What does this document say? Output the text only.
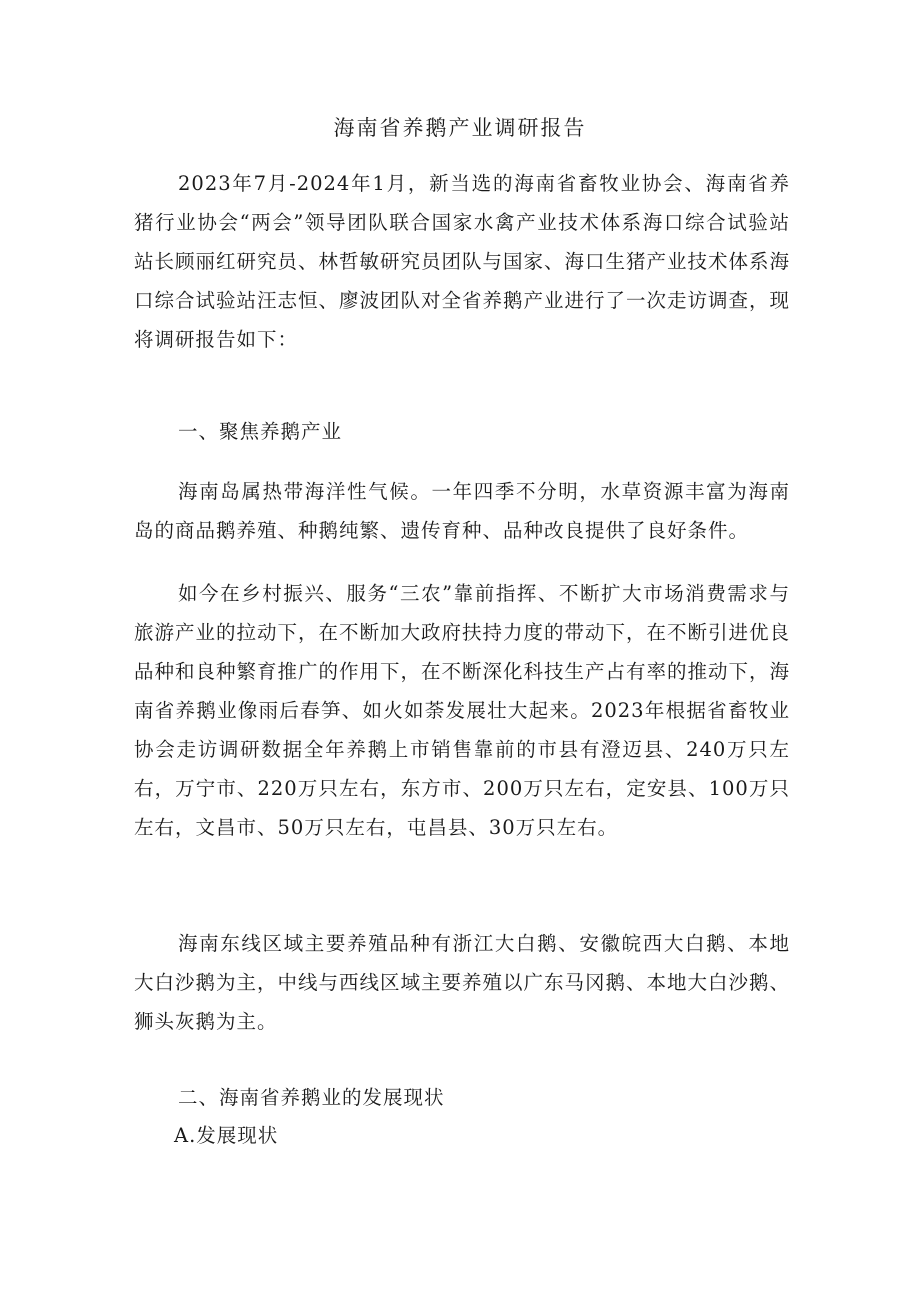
海南省养鹅产业调研报告

2023年7月-2024年1月，新当选的海南省畜牧业协会、海南省养猪行业协会“两会”领导团队联合国家水禽产业技术体系海口综合试验站站长顾丽红研究员、林哲敏研究员团队与国家、海口生猪产业技术体系海口综合试验站汪志恒、廖波团队对全省养鹅产业进行了一次走访调查，现将调研报告如下：

一、聚焦养鹅产业

海南岛属热带海洋性气候。一年四季不分明，水草资源丰富为海南岛的商品鹅养殖、种鹅纯繁、遗传育种、品种改良提供了良好条件。

如今在乡村振兴、服务“三农”靠前指挥、不断扩大市场消费需求与旅游产业的拉动下，在不断加大政府扶持力度的带动下，在不断引进优良品种和良种繁育推广的作用下，在不断深化科技生产占有率的推动下，海南省养鹅业像雨后春笋、如火如荼发展壮大起来。2023年根据省畜牧业协会走访调研数据全年养鹅上市销售靠前的市县有澄迈县、240万只左右，万宁市、220万只左右，东方市、200万只左右，定安县、100万只左右，文昌市、50万只左右，屯昌县、30万只左右。

海南东线区域主要养殖品种有浙江大白鹅、安徽皖西大白鹅、本地大白沙鹅为主，中线与西线区域主要养殖以广东马冈鹅、本地大白沙鹅、狮头灰鹅为主。

二、海南省养鹅业的发展现状
A.发展现状
